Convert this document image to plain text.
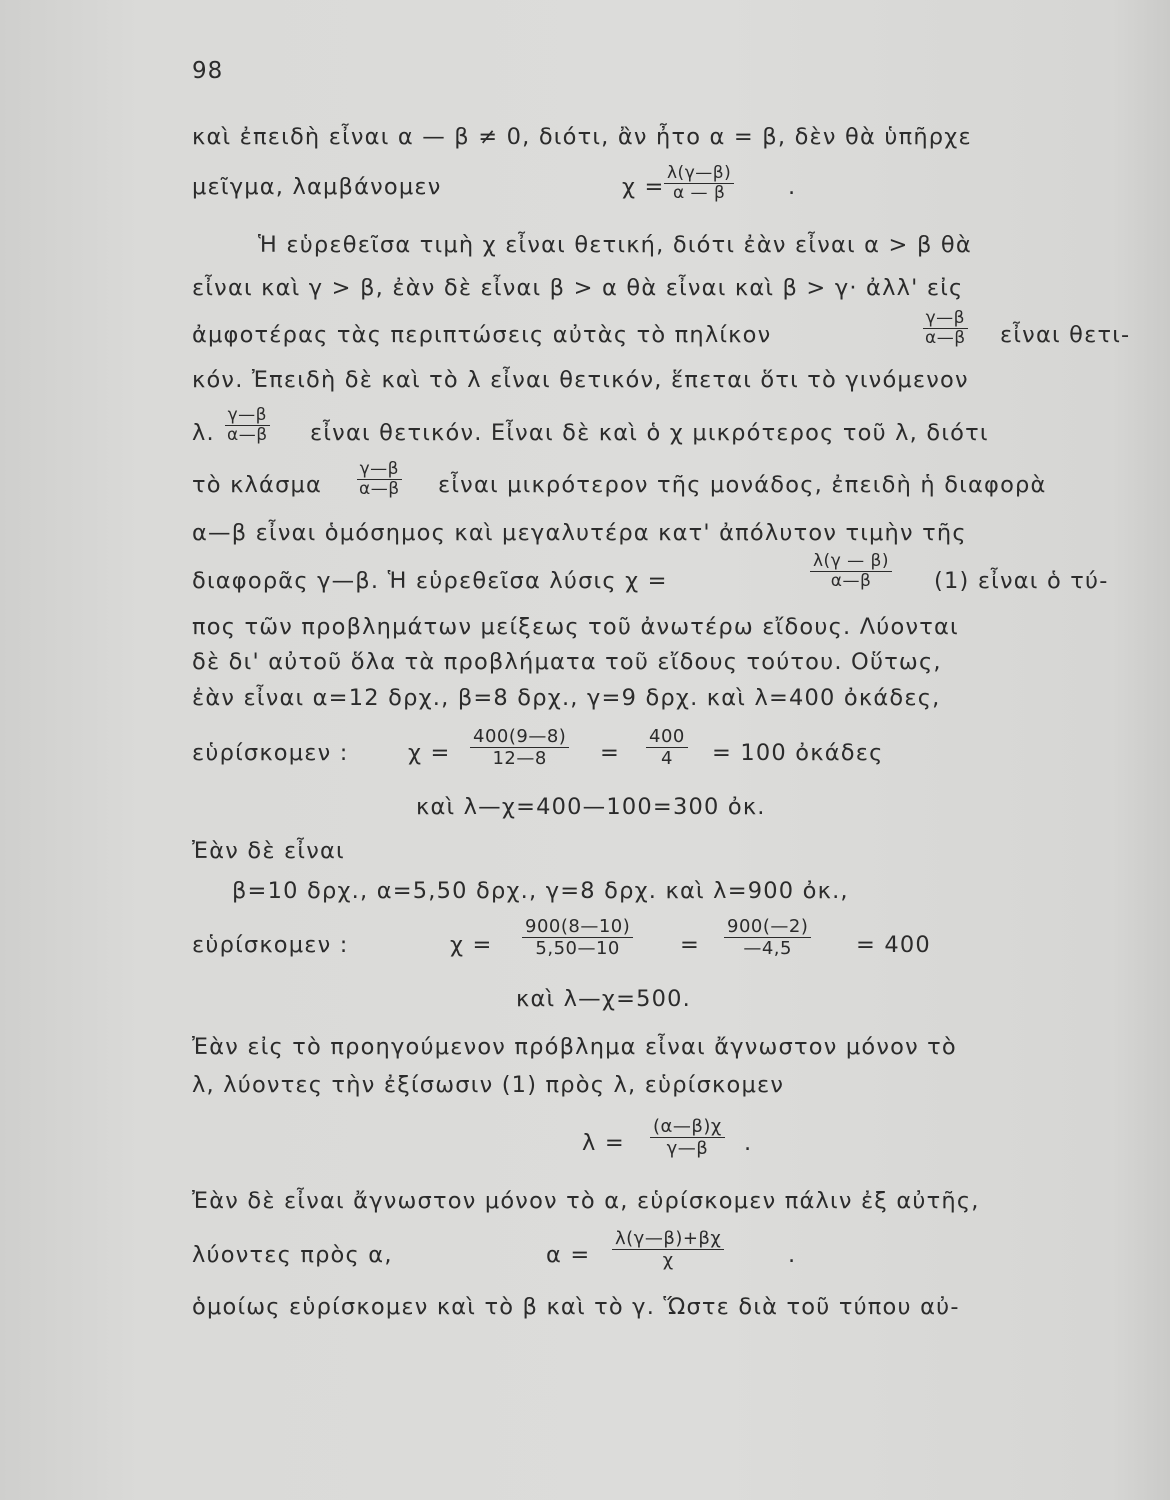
98
καὶ ἐπειδὴ εἶναι α — β ≠ 0, διότι, ἂν ἦτο α = β, δὲν θὰ ὑπῆρχε
μεῖγμα, λαμβάνομεν	$\chi = \frac{\lambda(\gamma—\beta)}{\alpha — \beta}$ .
Ἡ εὑρεθεῖσα τιμὴ χ εἶναι θετική, διότι ἐὰν εἶναι α > β θὰ
εἶναι καὶ γ > β, ἐὰν δὲ εἶναι β > α θὰ εἶναι καὶ β > γ· ἀλλ' εἰς
ἀμφοτέρας τὰς περιπτώσεις αὐτὰς τὸ πηλίκον	$\frac{\gamma—\beta}{\alpha—\beta}$ εἶναι θετι-
κόν. Ἐπειδὴ δὲ καὶ τὸ λ εἶναι θετικόν, ἕπεται ὅτι τὸ γινόμενον
λ. $\frac{\gamma—\beta}{\alpha—\beta}$ εἶναι θετικόν. Εἶναι δὲ καὶ ὁ χ μικρότερος τοῦ λ, διότι
τὸ κλάσμα $\frac{\gamma—\beta}{\alpha—\beta}$ εἶναι μικρότερον τῆς μονάδος, ἐπειδὴ ἡ διαφορὰ
α—β εἶναι ὁμόσημος καὶ μεγαλυτέρα κατ' ἀπόλυτον τιμὴν τῆς
διαφορᾶς γ—β. Ἡ εὑρεθεῖσα λύσις χ =	$\frac{\lambda(\gamma — \beta)}{\alpha—\beta} (1)$ εἶναι ὁ τύ-
πος τῶν προβλημάτων μείξεως τοῦ ἀνωτέρω εἴδους. Λύονται
δὲ δι' αὐτοῦ ὅλα τὰ προβλήματα τοῦ εἴδους τούτου. Οὕτως,
ἐὰν εἶναι α=12 δρχ., β=8 δρχ., γ=9 δρχ. καὶ λ=400 ὀκάδες,
εὑρίσκομεν :	$\chi = \frac{400(9—8)}{12—8} = \frac{400}{4} = 100$ ὀκάδες
καὶ λ—χ=400—100=300 ὀκ.
Ἐὰν δὲ εἶναι
β=10 δρχ., α=5,50 δρχ., γ=8 δρχ. καὶ λ=900 ὀκ.,
εὑρίσκομεν :	$\chi = \frac{900(8—10)}{5,50—10} = \frac{900(—2)}{—4,5} = 400$
καὶ λ—χ=500.
Ἐὰν εἰς τὸ προηγούμενον πρόβλημα εἶναι ἄγνωστον μόνον τὸ
λ, λύοντες τὴν ἐξίσωσιν (1) πρὸς λ, εὑρίσκομεν
$\lambda = \frac{(\alpha—\beta)\chi}{\gamma—\beta}$ .
Ἐὰν δὲ εἶναι ἄγνωστον μόνον τὸ α, εὑρίσκομεν πάλιν ἐξ αὐτῆς,
λύοντες πρὸς α,	$\alpha = \frac{\lambda(\gamma—\beta)+\beta\chi}{\chi}$	.
ὁμοίως εὑρίσκομεν καὶ τὸ β καὶ τὸ γ. Ὥστε διὰ τοῦ τύπου αὐ-
